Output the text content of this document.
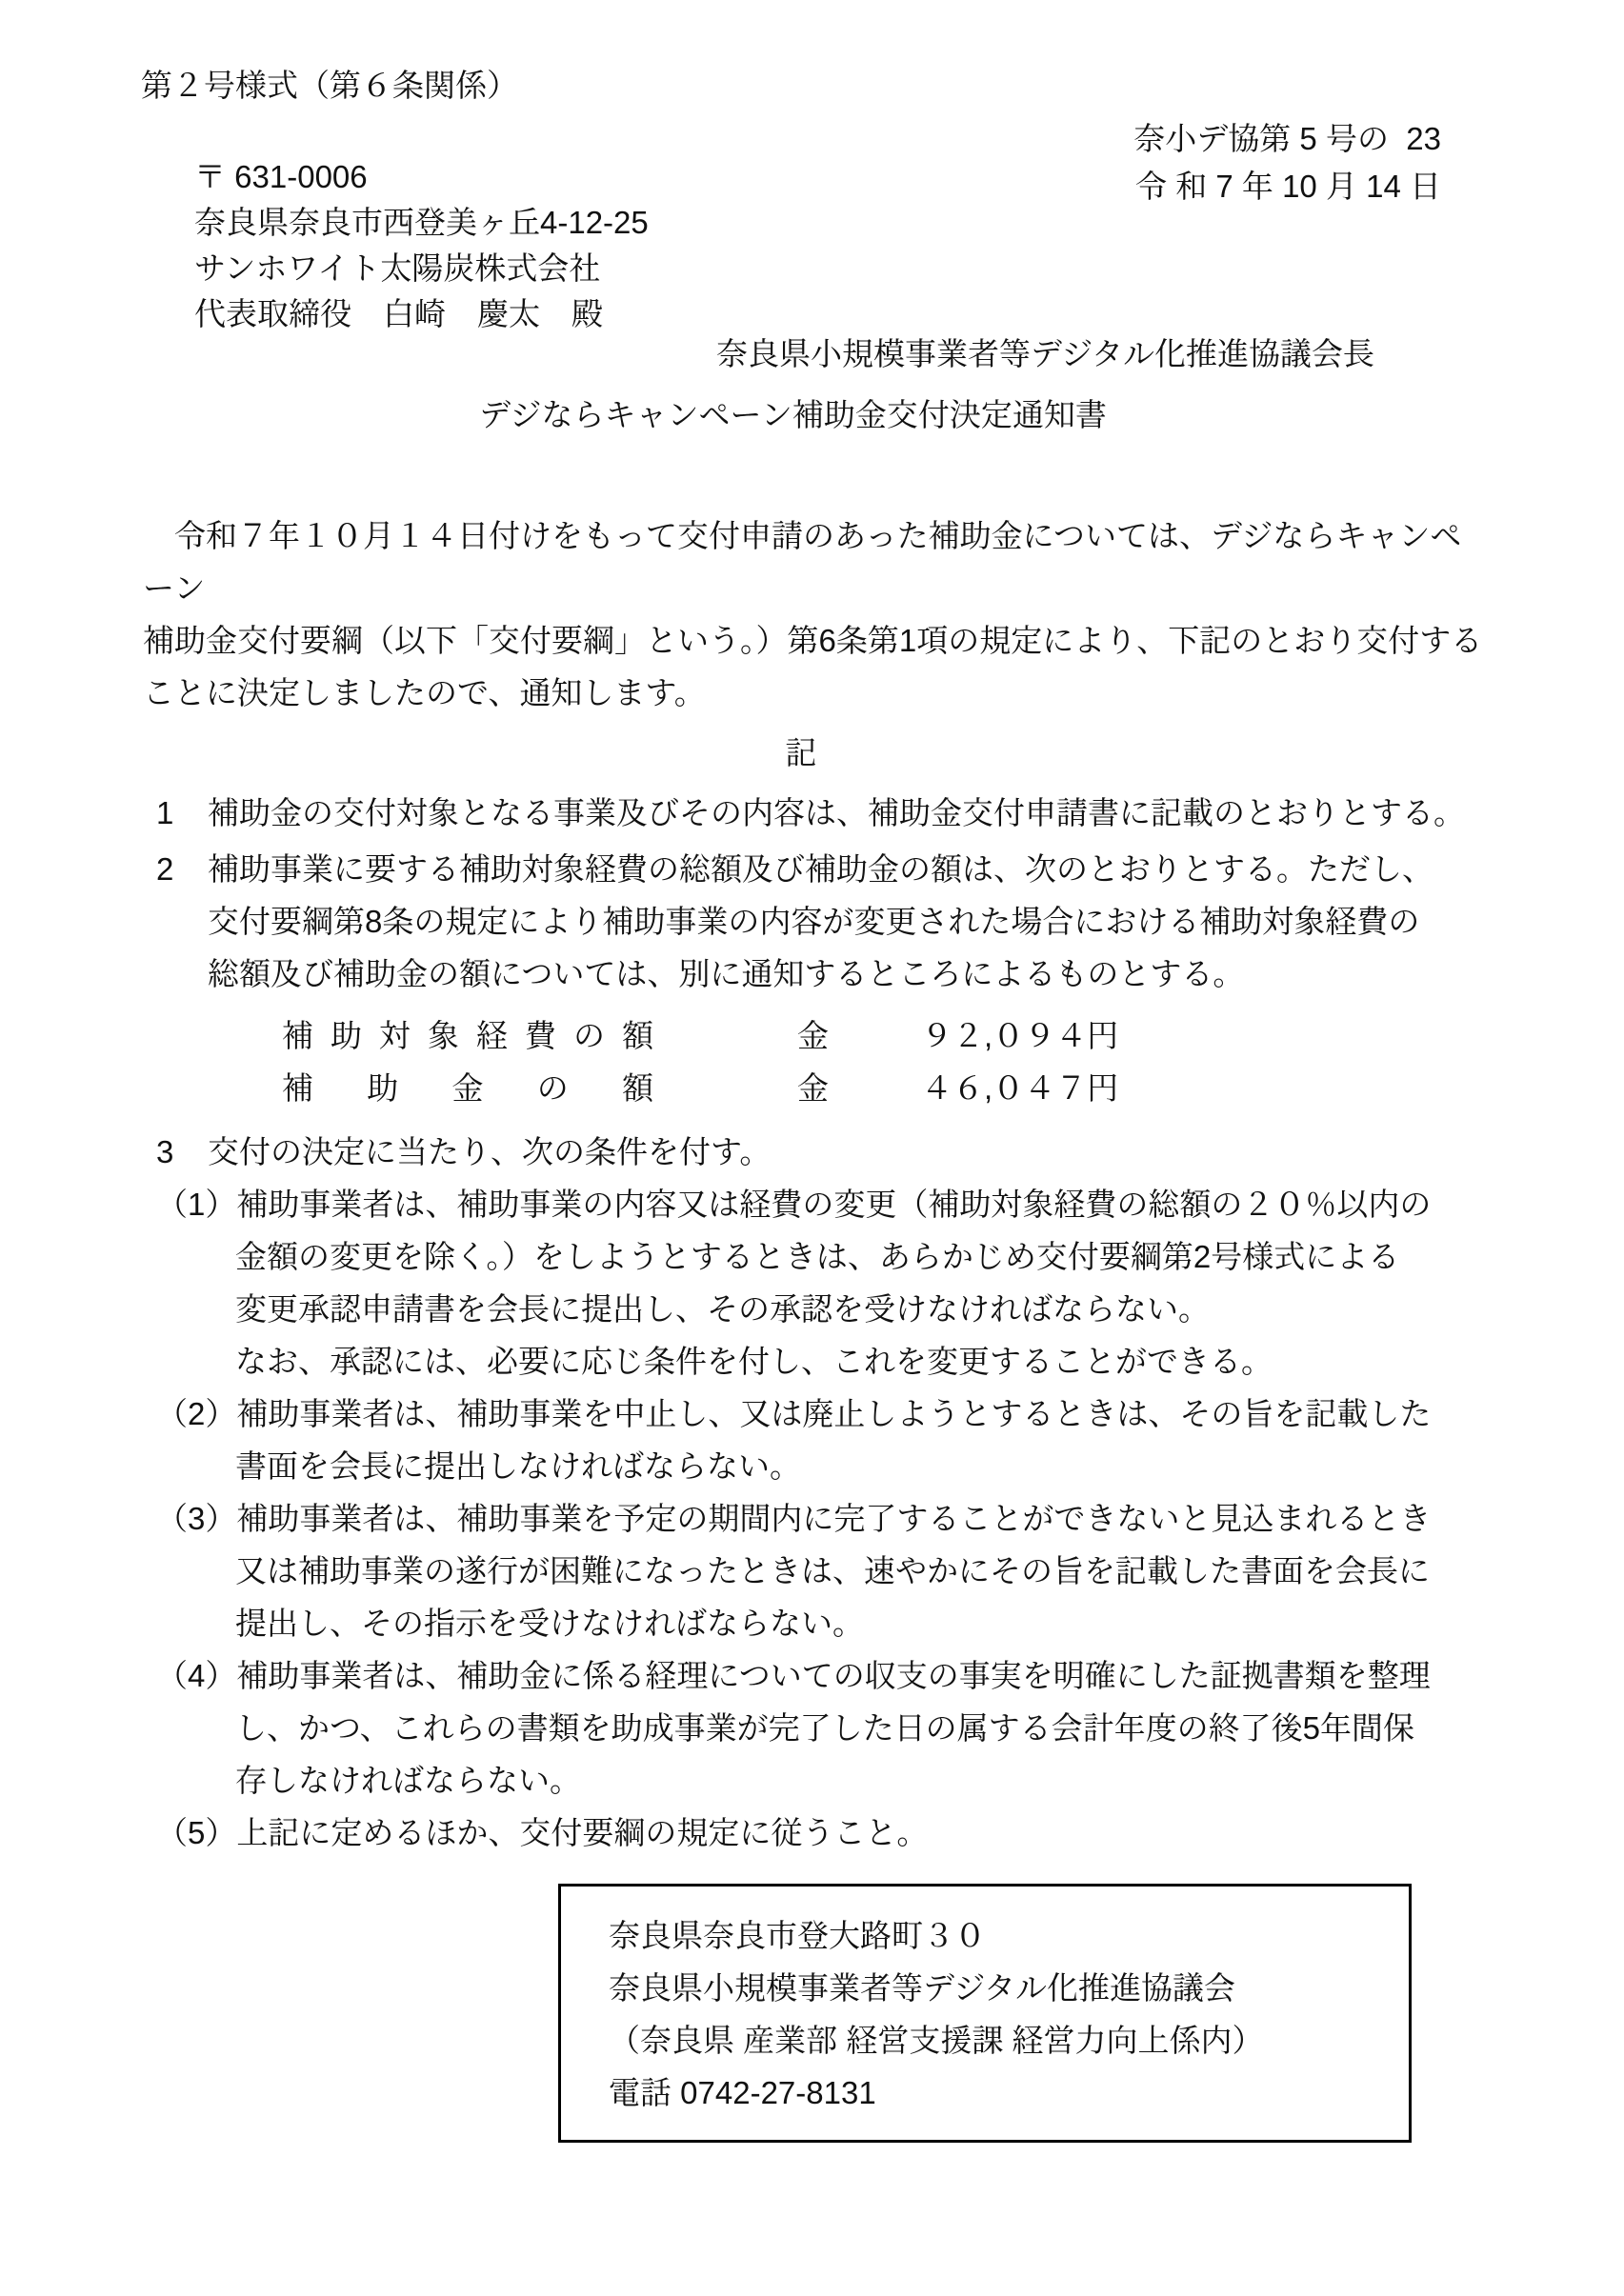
第２号様式（第６条関係）
奈小デ協第 5 号の  23
令 和 7 年 10 月 14 日
〒 631-0006
奈良県奈良市西登美ヶ丘4-12-25
サンホワイト太陽炭株式会社
代表取締役　白崎　慶太　殿
奈良県小規模事業者等デジタル化推進協議会長
デジならキャンペーン補助金交付決定通知書
　令和７年１０月１４日付けをもって交付申請のあった補助金については、デジならキャンペーン
補助金交付要綱（以下「交付要綱」という。）第6条第1項の規定により、下記のとおり交付する
ことに決定しましたので、通知します。
記
1	補助金の交付対象となる事業及びその内容は、補助金交付申請書に記載のとおりとする。
2	補助事業に要する補助対象経費の総額及び補助金の額は、次のとおりとする。ただし、
交付要綱第8条の規定により補助事業の内容が変更された場合における補助対象経費の
総額及び補助金の額については、別に通知するところによるものとする。
補助対象経費の額	金	９２,０９４円
補助金の額	金	４６,０４７円
3	交付の決定に当たり、次の条件を付す。
（1） 補助事業者は、補助事業の内容又は経費の変更（補助対象経費の総額の２０％以内の
金額の変更を除く。）をしようとするときは、あらかじめ交付要綱第2号様式による
変更承認申請書を会長に提出し、その承認を受けなければならない。
なお、承認には、必要に応じ条件を付し、これを変更することができる。
（2） 補助事業者は、補助事業を中止し、又は廃止しようとするときは、その旨を記載した
書面を会長に提出しなければならない。
（3） 補助事業者は、補助事業を予定の期間内に完了することができないと見込まれるとき
又は補助事業の遂行が困難になったときは、速やかにその旨を記載した書面を会長に
提出し、その指示を受けなければならない。
（4） 補助事業者は、補助金に係る経理についての収支の事実を明確にした証拠書類を整理
し、かつ、これらの書類を助成事業が完了した日の属する会計年度の終了後5年間保
存しなければならない。
（5） 上記に定めるほか、交付要綱の規定に従うこと。
奈良県奈良市登大路町３０
奈良県小規模事業者等デジタル化推進協議会
（奈良県 産業部 経営支援課 経営力向上係内）
電話 0742-27-8131
